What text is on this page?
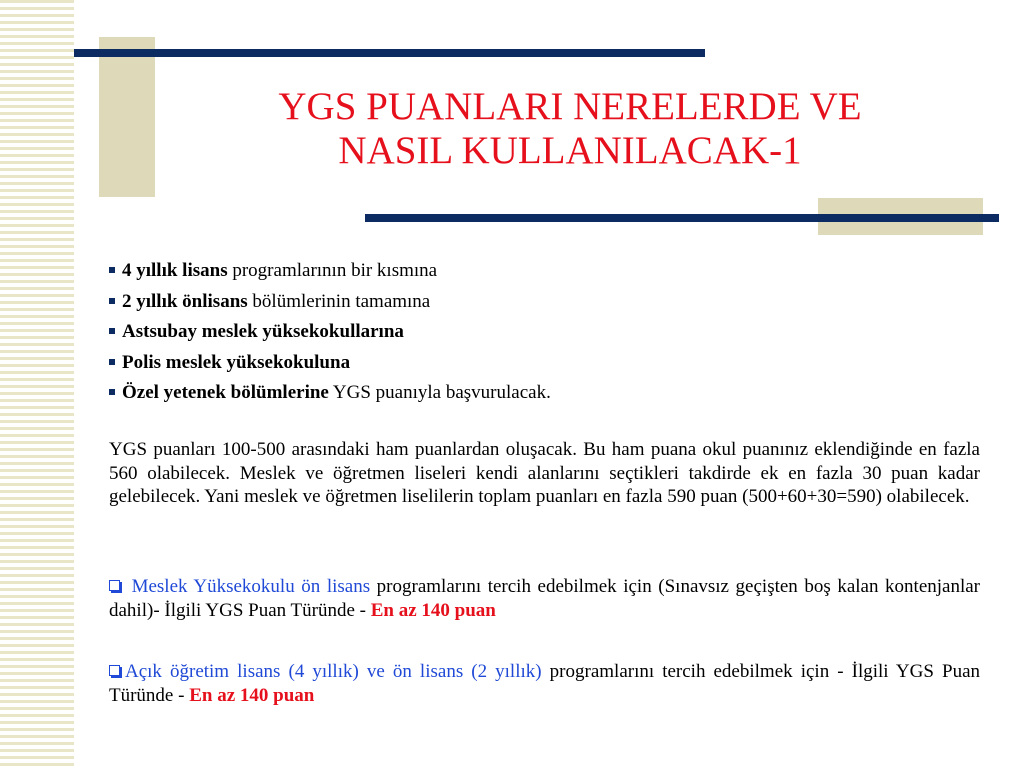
YGS PUANLARI NERELERDE VE
NASIL KULLANILACAK-1
4 yıllık lisans programlarının bir kısmına
2 yıllık önlisans bölümlerinin tamamına
Astsubay meslek yüksekokullarına
Polis meslek yüksekokuluna
Özel yetenek bölümlerine YGS puanıyla başvurulacak.

YGS puanları 100-500 arasındaki ham puanlardan oluşacak. Bu ham puana okul puanınız eklendiğinde en fazla 560 olabilecek. Meslek ve öğretmen liseleri kendi alanlarını seçtikleri takdirde ek en fazla 30 puan kadar gelebilecek. Yani meslek ve öğretmen liselilerin toplam puanları en fazla 590 puan (500+60+30=590) olabilecek.

Meslek Yüksekokulu ön lisans programlarını tercih edebilmek için (Sınavsız geçişten boş kalan kontenjanlar dahil)- İlgili YGS Puan Türünde - En az 140 puan

Açık öğretim lisans (4 yıllık) ve ön lisans (2 yıllık) programlarını tercih edebilmek için - İlgili YGS Puan Türünde - En az 140 puan
